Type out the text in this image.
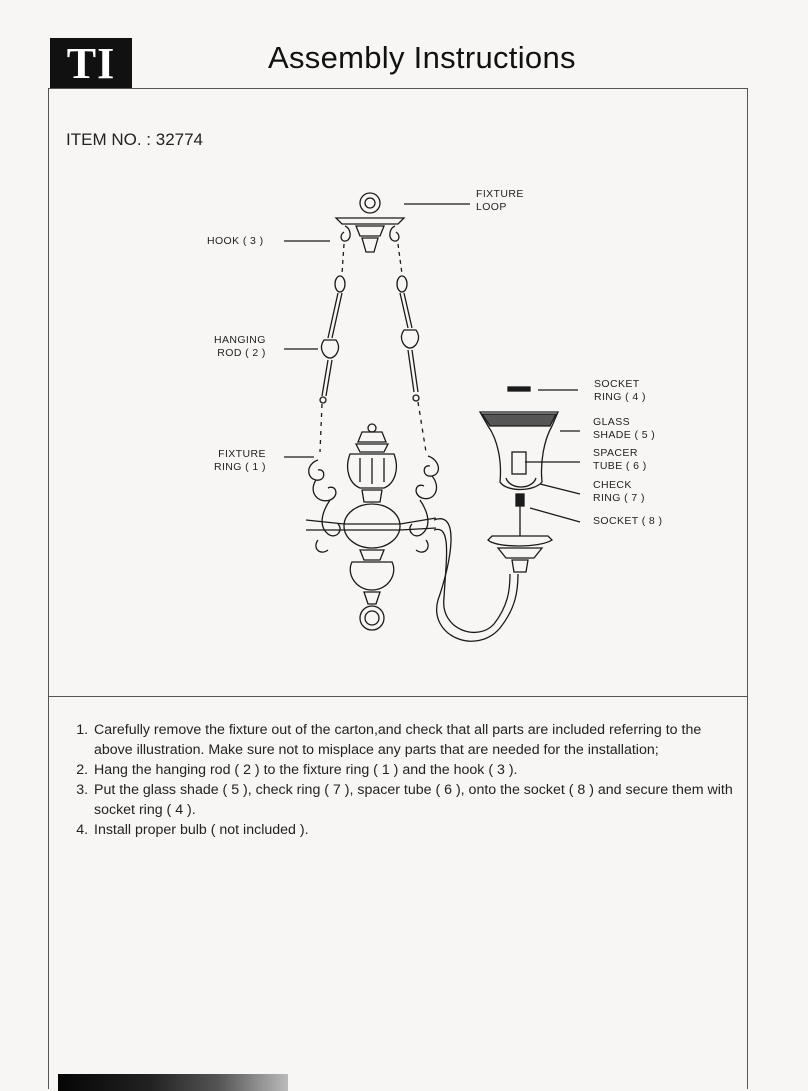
TI	Assembly Instructions
ITEM NO. : 32774
FIXTURE
LOOP
HOOK ( 3 )
HANGING
ROD ( 2 )
FIXTURE
RING ( 1 )
SOCKET
RING ( 4 )
GLASS
SHADE ( 5 )
SPACER
TUBE ( 6 )
CHECK
RING ( 7 )
SOCKET ( 8 )
1. Carefully remove the fixture out of the carton,and check that all parts are included referring to the above illustration. Make sure not to misplace any parts that are needed for the installation;
2. Hang the hanging rod ( 2 ) to the fixture ring ( 1 ) and the hook ( 3 ).
3. Put the glass shade ( 5 ), check ring ( 7 ), spacer tube ( 6 ), onto the socket ( 8 ) and secure them with socket ring ( 4 ).
4. Install proper bulb ( not included ).
